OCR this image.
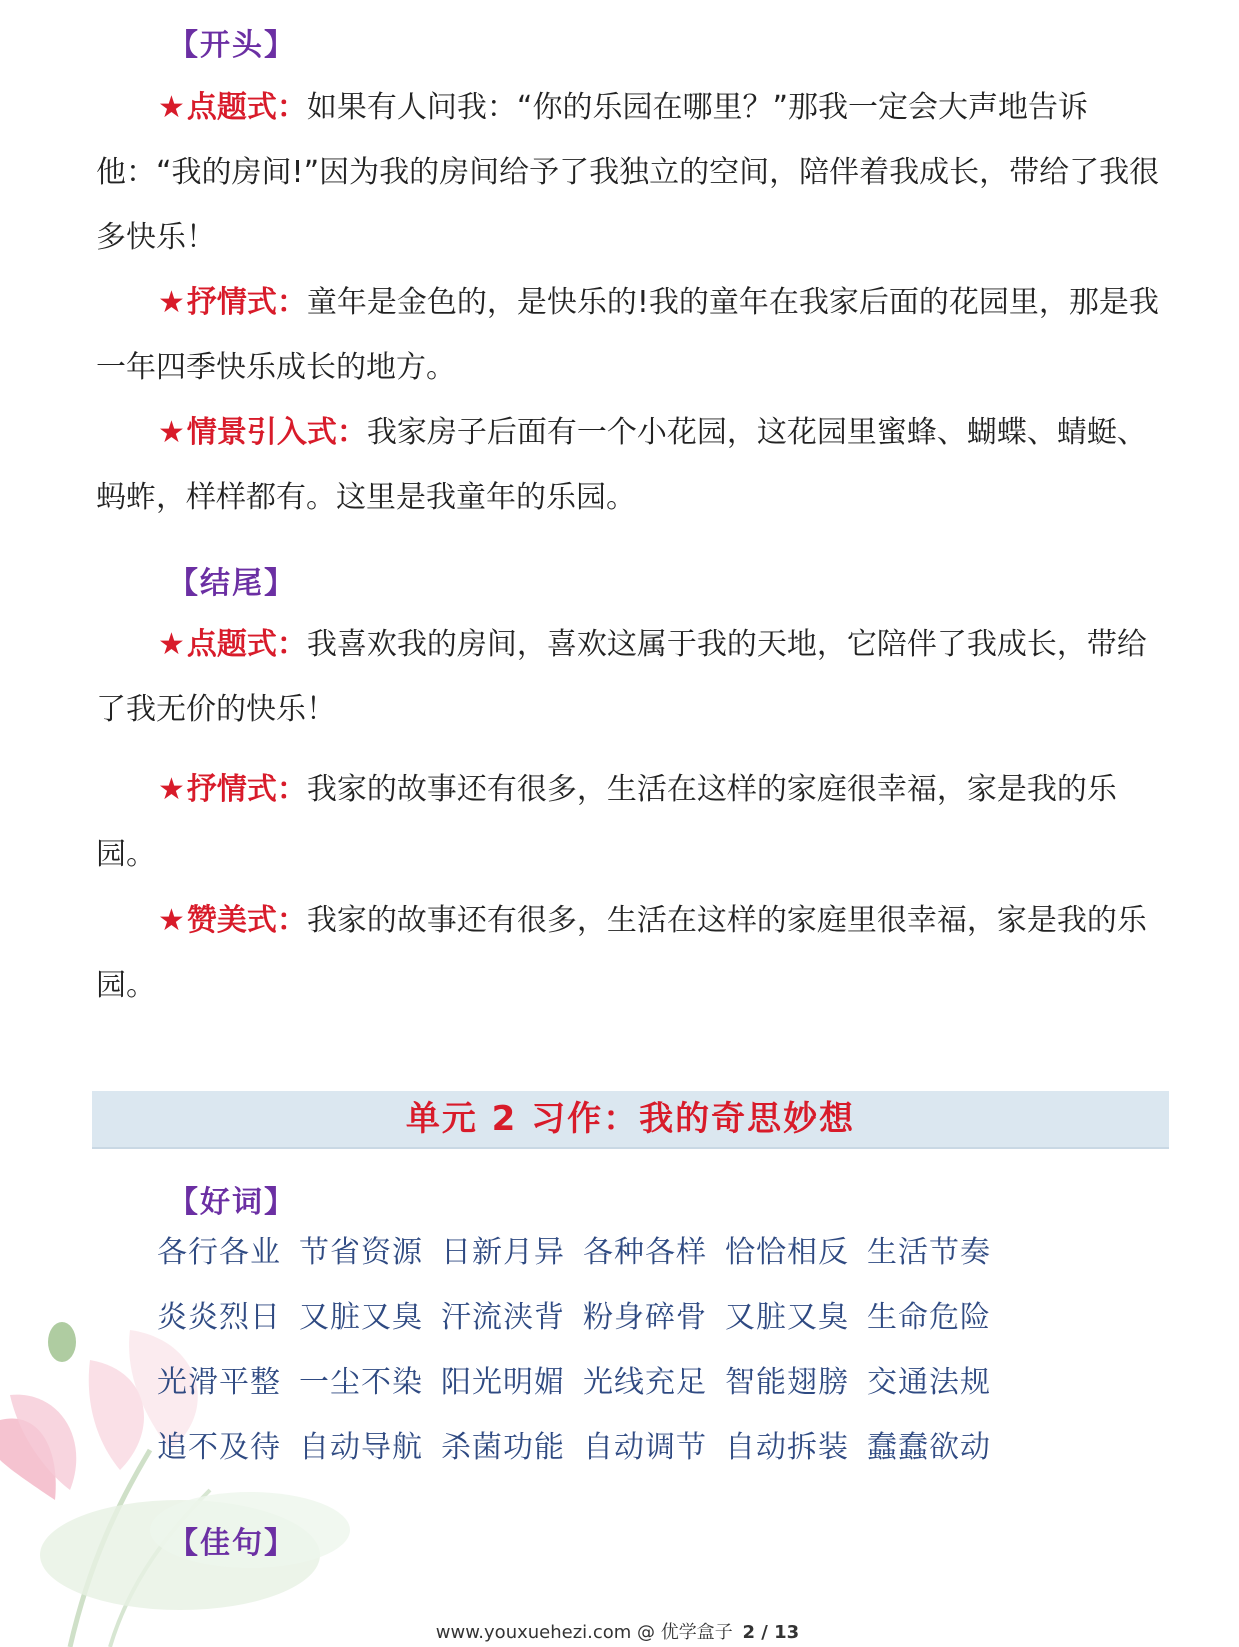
【开头】
★点题式：如果有人问我：“你的乐园在哪里？”那我一定会大声地告诉他：“我的房间!”因为我的房间给予了我独立的空间，陪伴着我成长，带给了我很多快乐！
★抒情式：童年是金色的，是快乐的!我的童年在我家后面的花园里，那是我一年四季快乐成长的地方。
★情景引入式：我家房子后面有一个小花园，这花园里蜜蜂、蝴蝶、蜻蜓、蚂蚱，样样都有。这里是我童年的乐园。
【结尾】
★点题式：我喜欢我的房间，喜欢这属于我的天地，它陪伴了我成长，带给了我无价的快乐！
★抒情式：我家的故事还有很多，生活在这样的家庭很幸福，家是我的乐园。
★赞美式：我家的故事还有很多，生活在这样的家庭里很幸福，家是我的乐园。
单元 2 习作：我的奇思妙想
【好词】
各行各业 节省资源 日新月异 各种各样 恰恰相反 生活节奏
炎炎烈日 又脏又臭 汗流浃背 粉身碎骨 又脏又臭 生命危险
光滑平整 一尘不染 阳光明媚 光线充足 智能翅膀 交通法规
追不及待 自动导航 杀菌功能 自动调节 自动拆装 蠢蠢欲动
【佳句】
www.youxuehezi.com @ 优学盒子 2 / 13
